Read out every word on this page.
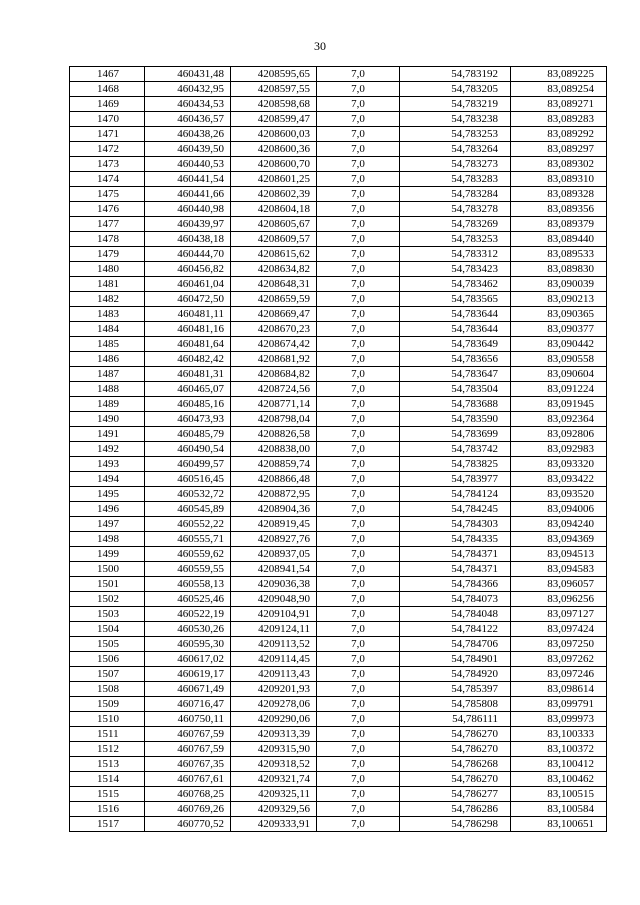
30
1467	460431,48	4208595,65	7,0	54,783192	83,089225
1468	460432,95	4208597,55	7,0	54,783205	83,089254
1469	460434,53	4208598,68	7,0	54,783219	83,089271
1470	460436,57	4208599,47	7,0	54,783238	83,089283
1471	460438,26	4208600,03	7,0	54,783253	83,089292
1472	460439,50	4208600,36	7,0	54,783264	83,089297
1473	460440,53	4208600,70	7,0	54,783273	83,089302
1474	460441,54	4208601,25	7,0	54,783283	83,089310
1475	460441,66	4208602,39	7,0	54,783284	83,089328
1476	460440,98	4208604,18	7,0	54,783278	83,089356
1477	460439,97	4208605,67	7,0	54,783269	83,089379
1478	460438,18	4208609,57	7,0	54,783253	83,089440
1479	460444,70	4208615,62	7,0	54,783312	83,089533
1480	460456,82	4208634,82	7,0	54,783423	83,089830
1481	460461,04	4208648,31	7,0	54,783462	83,090039
1482	460472,50	4208659,59	7,0	54,783565	83,090213
1483	460481,11	4208669,47	7,0	54,783644	83,090365
1484	460481,16	4208670,23	7,0	54,783644	83,090377
1485	460481,64	4208674,42	7,0	54,783649	83,090442
1486	460482,42	4208681,92	7,0	54,783656	83,090558
1487	460481,31	4208684,82	7,0	54,783647	83,090604
1488	460465,07	4208724,56	7,0	54,783504	83,091224
1489	460485,16	4208771,14	7,0	54,783688	83,091945
1490	460473,93	4208798,04	7,0	54,783590	83,092364
1491	460485,79	4208826,58	7,0	54,783699	83,092806
1492	460490,54	4208838,00	7,0	54,783742	83,092983
1493	460499,57	4208859,74	7,0	54,783825	83,093320
1494	460516,45	4208866,48	7,0	54,783977	83,093422
1495	460532,72	4208872,95	7,0	54,784124	83,093520
1496	460545,89	4208904,36	7,0	54,784245	83,094006
1497	460552,22	4208919,45	7,0	54,784303	83,094240
1498	460555,71	4208927,76	7,0	54,784335	83,094369
1499	460559,62	4208937,05	7,0	54,784371	83,094513
1500	460559,55	4208941,54	7,0	54,784371	83,094583
1501	460558,13	4209036,38	7,0	54,784366	83,096057
1502	460525,46	4209048,90	7,0	54,784073	83,096256
1503	460522,19	4209104,91	7,0	54,784048	83,097127
1504	460530,26	4209124,11	7,0	54,784122	83,097424
1505	460595,30	4209113,52	7,0	54,784706	83,097250
1506	460617,02	4209114,45	7,0	54,784901	83,097262
1507	460619,17	4209113,43	7,0	54,784920	83,097246
1508	460671,49	4209201,93	7,0	54,785397	83,098614
1509	460716,47	4209278,06	7,0	54,785808	83,099791
1510	460750,11	4209290,06	7,0	54,786111	83,099973
1511	460767,59	4209313,39	7,0	54,786270	83,100333
1512	460767,59	4209315,90	7,0	54,786270	83,100372
1513	460767,35	4209318,52	7,0	54,786268	83,100412
1514	460767,61	4209321,74	7,0	54,786270	83,100462
1515	460768,25	4209325,11	7,0	54,786277	83,100515
1516	460769,26	4209329,56	7,0	54,786286	83,100584
1517	460770,52	4209333,91	7,0	54,786298	83,100651
